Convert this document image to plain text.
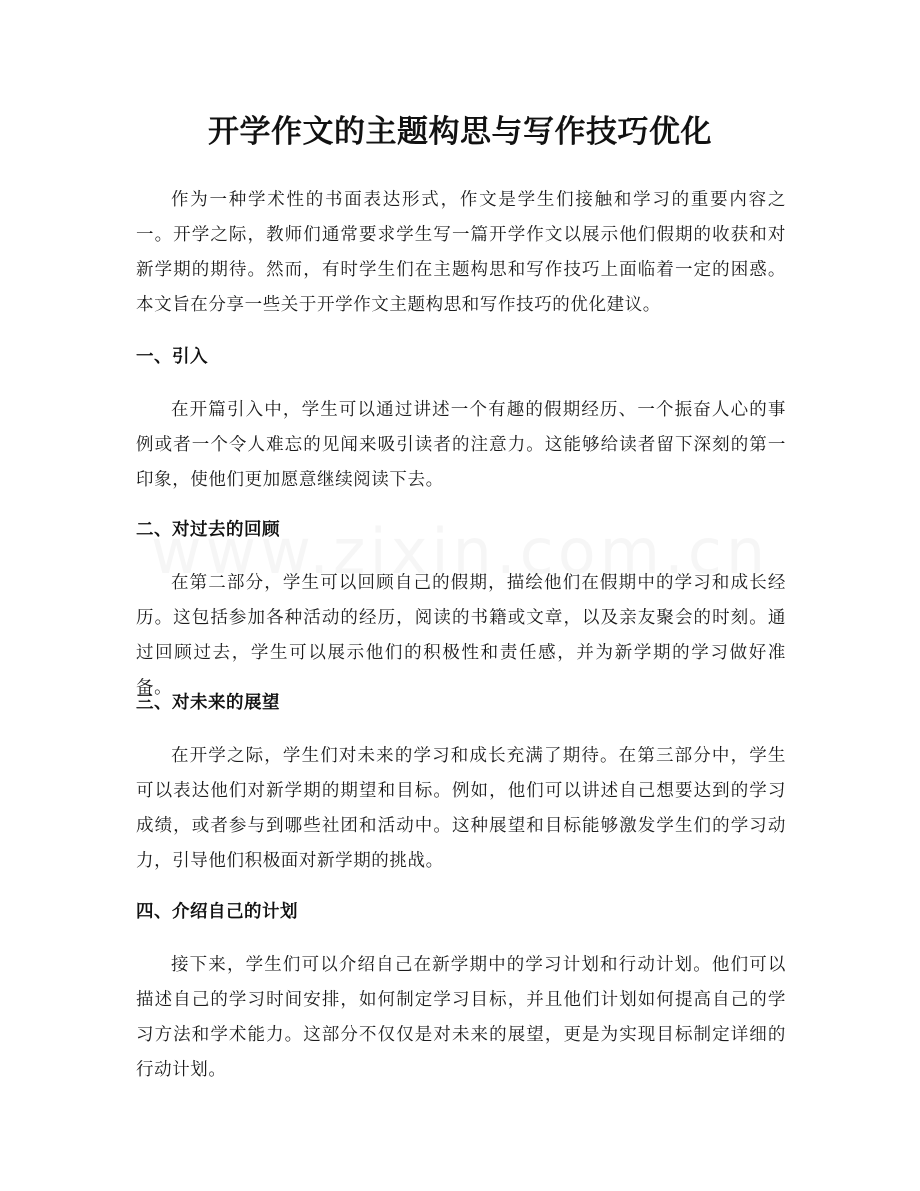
开学作文的主题构思与写作技巧优化

作为一种学术性的书面表达形式，作文是学生们接触和学习的重要内容之一。开学之际，教师们通常要求学生写一篇开学作文以展示他们假期的收获和对新学期的期待。然而，有时学生们在主题构思和写作技巧上面临着一定的困惑。本文旨在分享一些关于开学作文主题构思和写作技巧的优化建议。

一、引入

在开篇引入中，学生可以通过讲述一个有趣的假期经历、一个振奋人心的事例或者一个令人难忘的见闻来吸引读者的注意力。这能够给读者留下深刻的第一印象，使他们更加愿意继续阅读下去。

二、对过去的回顾

在第二部分，学生可以回顾自己的假期，描绘他们在假期中的学习和成长经历。这包括参加各种活动的经历，阅读的书籍或文章，以及亲友聚会的时刻。通过回顾过去，学生可以展示他们的积极性和责任感，并为新学期的学习做好准备。

三、对未来的展望

在开学之际，学生们对未来的学习和成长充满了期待。在第三部分中，学生可以表达他们对新学期的期望和目标。例如，他们可以讲述自己想要达到的学习成绩，或者参与到哪些社团和活动中。这种展望和目标能够激发学生们的学习动力，引导他们积极面对新学期的挑战。

四、介绍自己的计划

接下来，学生们可以介绍自己在新学期中的学习计划和行动计划。他们可以描述自己的学习时间安排，如何制定学习目标，并且他们计划如何提高自己的学习方法和学术能力。这部分不仅仅是对未来的展望，更是为实现目标制定详细的行动计划。
